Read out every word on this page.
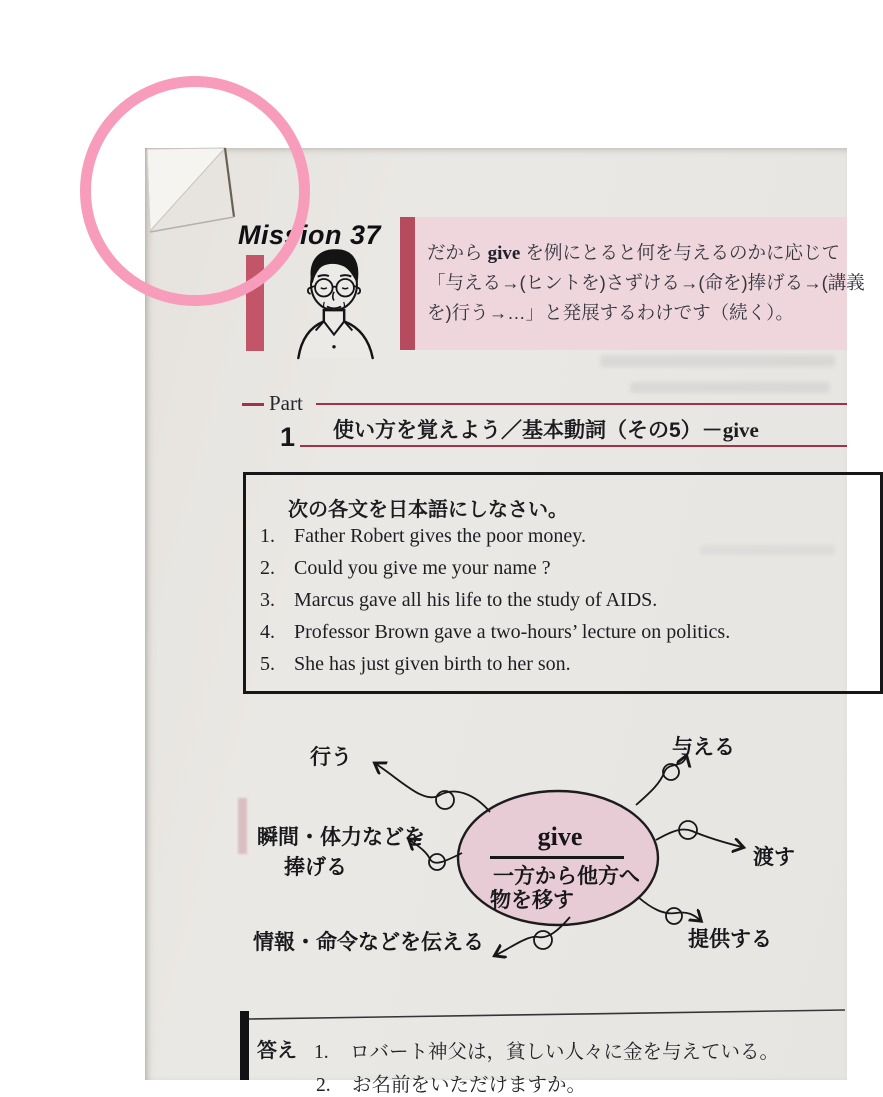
Mission 37
だから give を例にとると何を与えるのかに応じて
「与える→(ヒントを)さずける→(命を)捧げる→(講義
を)行う→…」と発展するわけです（続く）。
Part
1 使い方を覚えよう／基本動詞（その5）－give
次の各文を日本語にしなさい。
1. Father Robert gives the poor money.
2. Could you give me your name ?
3. Marcus gave all his life to the study of AIDS.
4. Professor Brown gave a two-hours’ lecture on politics.
5. She has just given birth to her son.
give
一方から他方へ
物を移す
行う	与える
瞬間・体力などを
捧げる	渡す
情報・命令などを伝える	提供する
答え 1. ロバート神父は，貧しい人々に金を与えている。
2. お名前をいただけますか。
